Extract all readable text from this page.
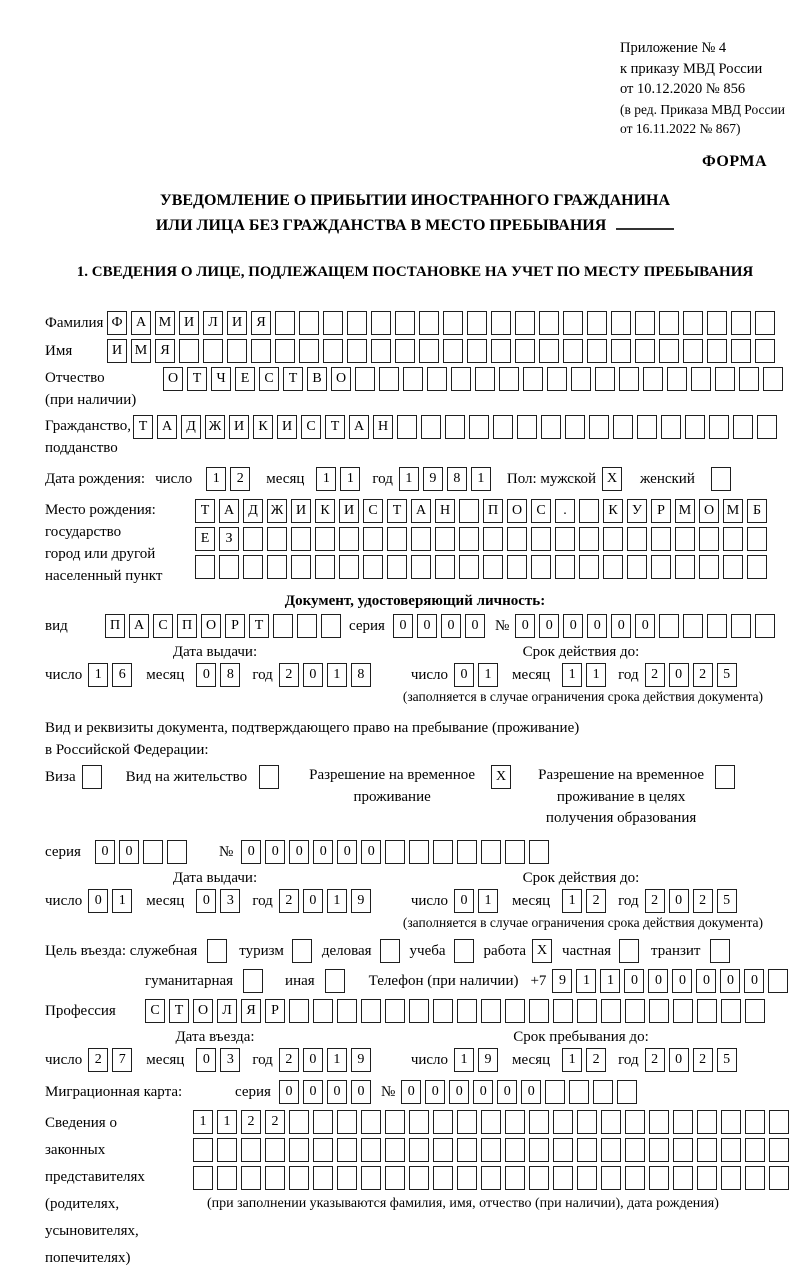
Приложение № 4
к приказу МВД России
от 10.12.2020 № 856
(в ред. Приказа МВД России
от 16.11.2022 № 867)
ФОРМА
УВЕДОМЛЕНИЕ О ПРИБЫТИИ ИНОСТРАННОГО ГРАЖДАНИНА
ИЛИ ЛИЦА БЕЗ ГРАЖДАНСТВА В МЕСТО ПРЕБЫВАНИЯ
1. СВЕДЕНИЯ О ЛИЦЕ, ПОДЛЕЖАЩЕМ ПОСТАНОВКЕ НА УЧЕТ ПО МЕСТУ ПРЕБЫВАНИЯ
Фамилия Ф А М И	Л	И	Я
Имя	И М Я
Отчество
(при наличии)
О	Т	Ч	Е	С	Т	В	О
Гражданство,
подданство
Т	А	Д Ж И	К	И	С	Т	А Н
Дата рождения: число	1	2	месяц	1	1	год 1	9	8	1	Пол: мужской X	женский
Место рождения:
государство
город или другой
населенный пункт
Т	А	Д Ж И	К	И	С	Т	А Н	П О	С	.	К	У	Р М О М Б
Е	З
Документ, удостоверяющий личность:
вид	П А	С	П О	Р	Т	серия	0	0	0	0	№ 0	0	0	0	0	0
Дата выдачи:	Срок действия до:
число 1	6	месяц	0	8	год 2	0	1	8	число 0	1	месяц	1	1	год 2	0	2	5
(заполняется в случае ограничения срока действия документа)
Вид и реквизиты документа, подтверждающего право на пребывание (проживание)
в Российской Федерации:
Виза	Вид на жительство	Разрешение на временное проживание
X	Разрешение на временное проживание в целях получения образования
серия	0	0	№	0	0	0	0	0	0
Дата выдачи:	Срок действия до:
число 0	1	месяц	0	3	год 2	0	1	9	число 0	1	месяц	1	2	год 2	0	2	5
(заполняется в случае ограничения срока действия документа)
Цель въезда: служебная	туризм	деловая	учеба	работа X частная	транзит
гуманитарная	иная	Телефон (при наличии) +7 9	1	1	0	0	0	0	0	0
Профессия	С	Т	О	Л	Я	Р
Дата въезда:	Срок пребывания до:
число 2	7	месяц	0	3	год 2	0	1	9	число 1	9	месяц	1	2	год 2	0	2	5
Миграционная карта:	серия	0	0	0	0	№ 0	0	0	0	0	0
Сведения о
законных
представителях
(родителях,
усыновителях,
попечителях)
1	1	2	2
(при заполнении указываются фамилия, имя, отчество (при наличии), дата рождения)
